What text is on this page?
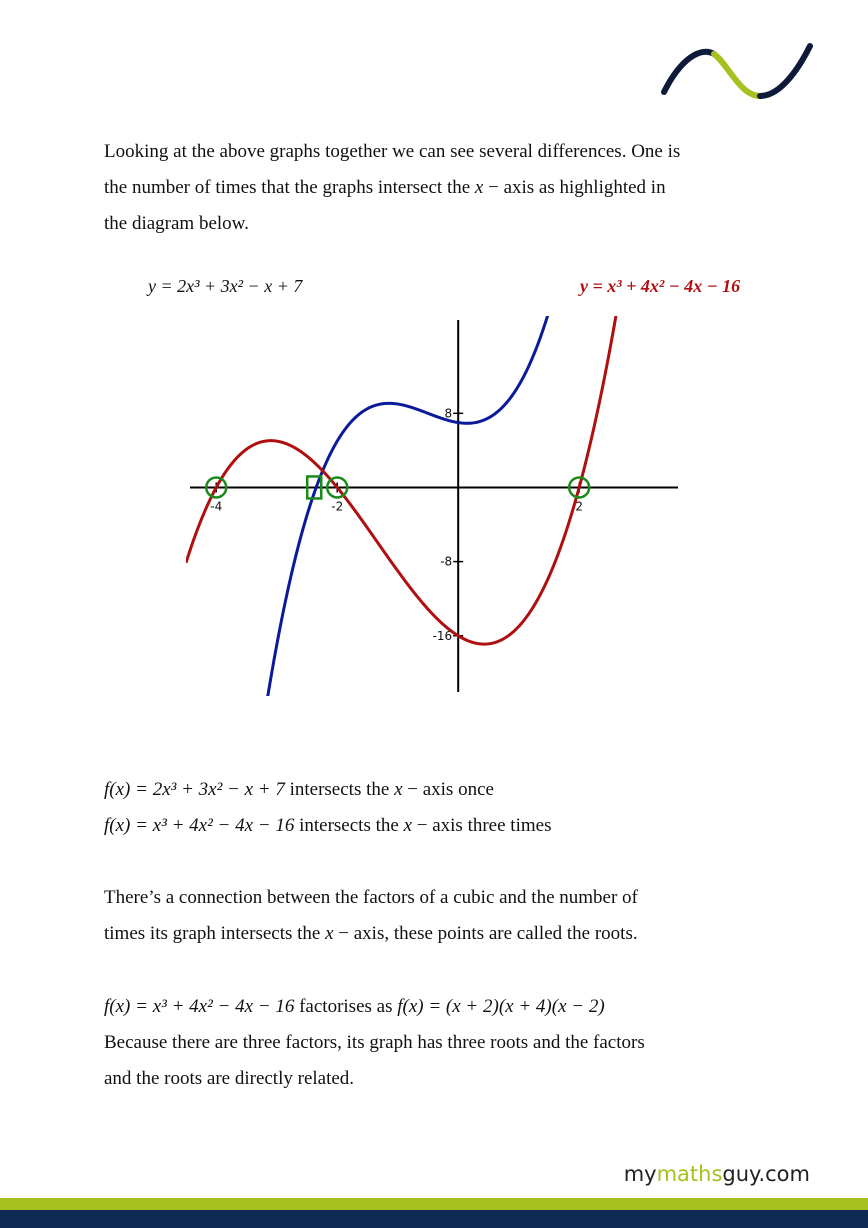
Looking at the above graphs together we can see several differences. One is

the number of times that the graphs intersect the x − axis as highlighted in

the diagram below.

y = 2x³ + 3x² − x + 7	y = x³ + 4x² − 4x − 16
-4	-2	2
8
-8
-16

f(x) = 2x³ + 3x² − x + 7 intersects the x − axis once

f(x) = x³ + 4x² − 4x − 16 intersects the x − axis three times

There’s a connection between the factors of a cubic and the number of

times its graph intersects the x − axis, these points are called the roots.

f(x) = x³ + 4x² − 4x − 16 factorises as f(x) = (x + 2)(x + 4)(x − 2)

Because there are three factors, its graph has three roots and the factors

and the roots are directly related.

mymathsguy.com
